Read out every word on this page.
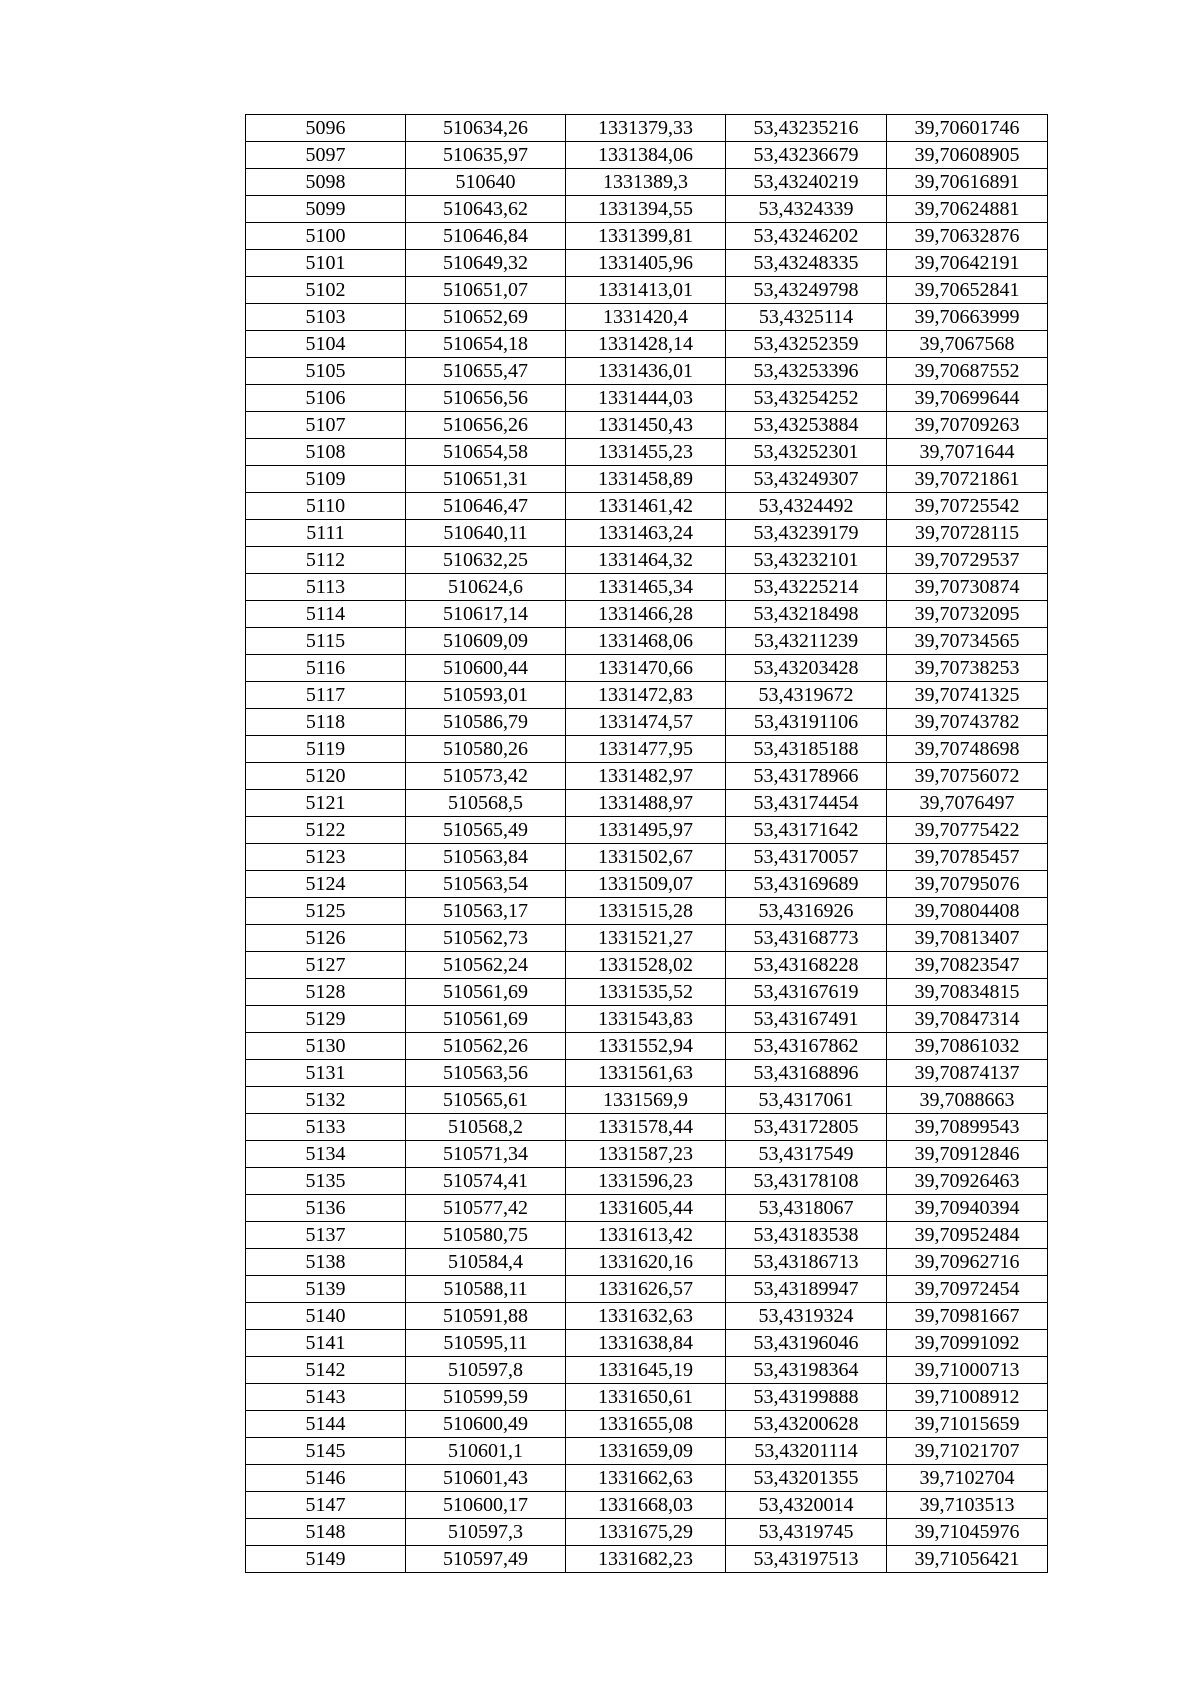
5096	510634,26	1331379,33	53,43235216	39,70601746
5097	510635,97	1331384,06	53,43236679	39,70608905
5098	510640	1331389,3	53,43240219	39,70616891
5099	510643,62	1331394,55	53,4324339	39,70624881
5100	510646,84	1331399,81	53,43246202	39,70632876
5101	510649,32	1331405,96	53,43248335	39,70642191
5102	510651,07	1331413,01	53,43249798	39,70652841
5103	510652,69	1331420,4	53,4325114	39,70663999
5104	510654,18	1331428,14	53,43252359	39,7067568
5105	510655,47	1331436,01	53,43253396	39,70687552
5106	510656,56	1331444,03	53,43254252	39,70699644
5107	510656,26	1331450,43	53,43253884	39,70709263
5108	510654,58	1331455,23	53,43252301	39,7071644
5109	510651,31	1331458,89	53,43249307	39,70721861
5110	510646,47	1331461,42	53,4324492	39,70725542
5111	510640,11	1331463,24	53,43239179	39,70728115
5112	510632,25	1331464,32	53,43232101	39,70729537
5113	510624,6	1331465,34	53,43225214	39,70730874
5114	510617,14	1331466,28	53,43218498	39,70732095
5115	510609,09	1331468,06	53,43211239	39,70734565
5116	510600,44	1331470,66	53,43203428	39,70738253
5117	510593,01	1331472,83	53,4319672	39,70741325
5118	510586,79	1331474,57	53,43191106	39,70743782
5119	510580,26	1331477,95	53,43185188	39,70748698
5120	510573,42	1331482,97	53,43178966	39,70756072
5121	510568,5	1331488,97	53,43174454	39,7076497
5122	510565,49	1331495,97	53,43171642	39,70775422
5123	510563,84	1331502,67	53,43170057	39,70785457
5124	510563,54	1331509,07	53,43169689	39,70795076
5125	510563,17	1331515,28	53,4316926	39,70804408
5126	510562,73	1331521,27	53,43168773	39,70813407
5127	510562,24	1331528,02	53,43168228	39,70823547
5128	510561,69	1331535,52	53,43167619	39,70834815
5129	510561,69	1331543,83	53,43167491	39,70847314
5130	510562,26	1331552,94	53,43167862	39,70861032
5131	510563,56	1331561,63	53,43168896	39,70874137
5132	510565,61	1331569,9	53,4317061	39,7088663
5133	510568,2	1331578,44	53,43172805	39,70899543
5134	510571,34	1331587,23	53,4317549	39,70912846
5135	510574,41	1331596,23	53,43178108	39,70926463
5136	510577,42	1331605,44	53,4318067	39,70940394
5137	510580,75	1331613,42	53,43183538	39,70952484
5138	510584,4	1331620,16	53,43186713	39,70962716
5139	510588,11	1331626,57	53,43189947	39,70972454
5140	510591,88	1331632,63	53,4319324	39,70981667
5141	510595,11	1331638,84	53,43196046	39,70991092
5142	510597,8	1331645,19	53,43198364	39,71000713
5143	510599,59	1331650,61	53,43199888	39,71008912
5144	510600,49	1331655,08	53,43200628	39,71015659
5145	510601,1	1331659,09	53,43201114	39,71021707
5146	510601,43	1331662,63	53,43201355	39,7102704
5147	510600,17	1331668,03	53,4320014	39,7103513
5148	510597,3	1331675,29	53,4319745	39,71045976
5149	510597,49	1331682,23	53,43197513	39,71056421
